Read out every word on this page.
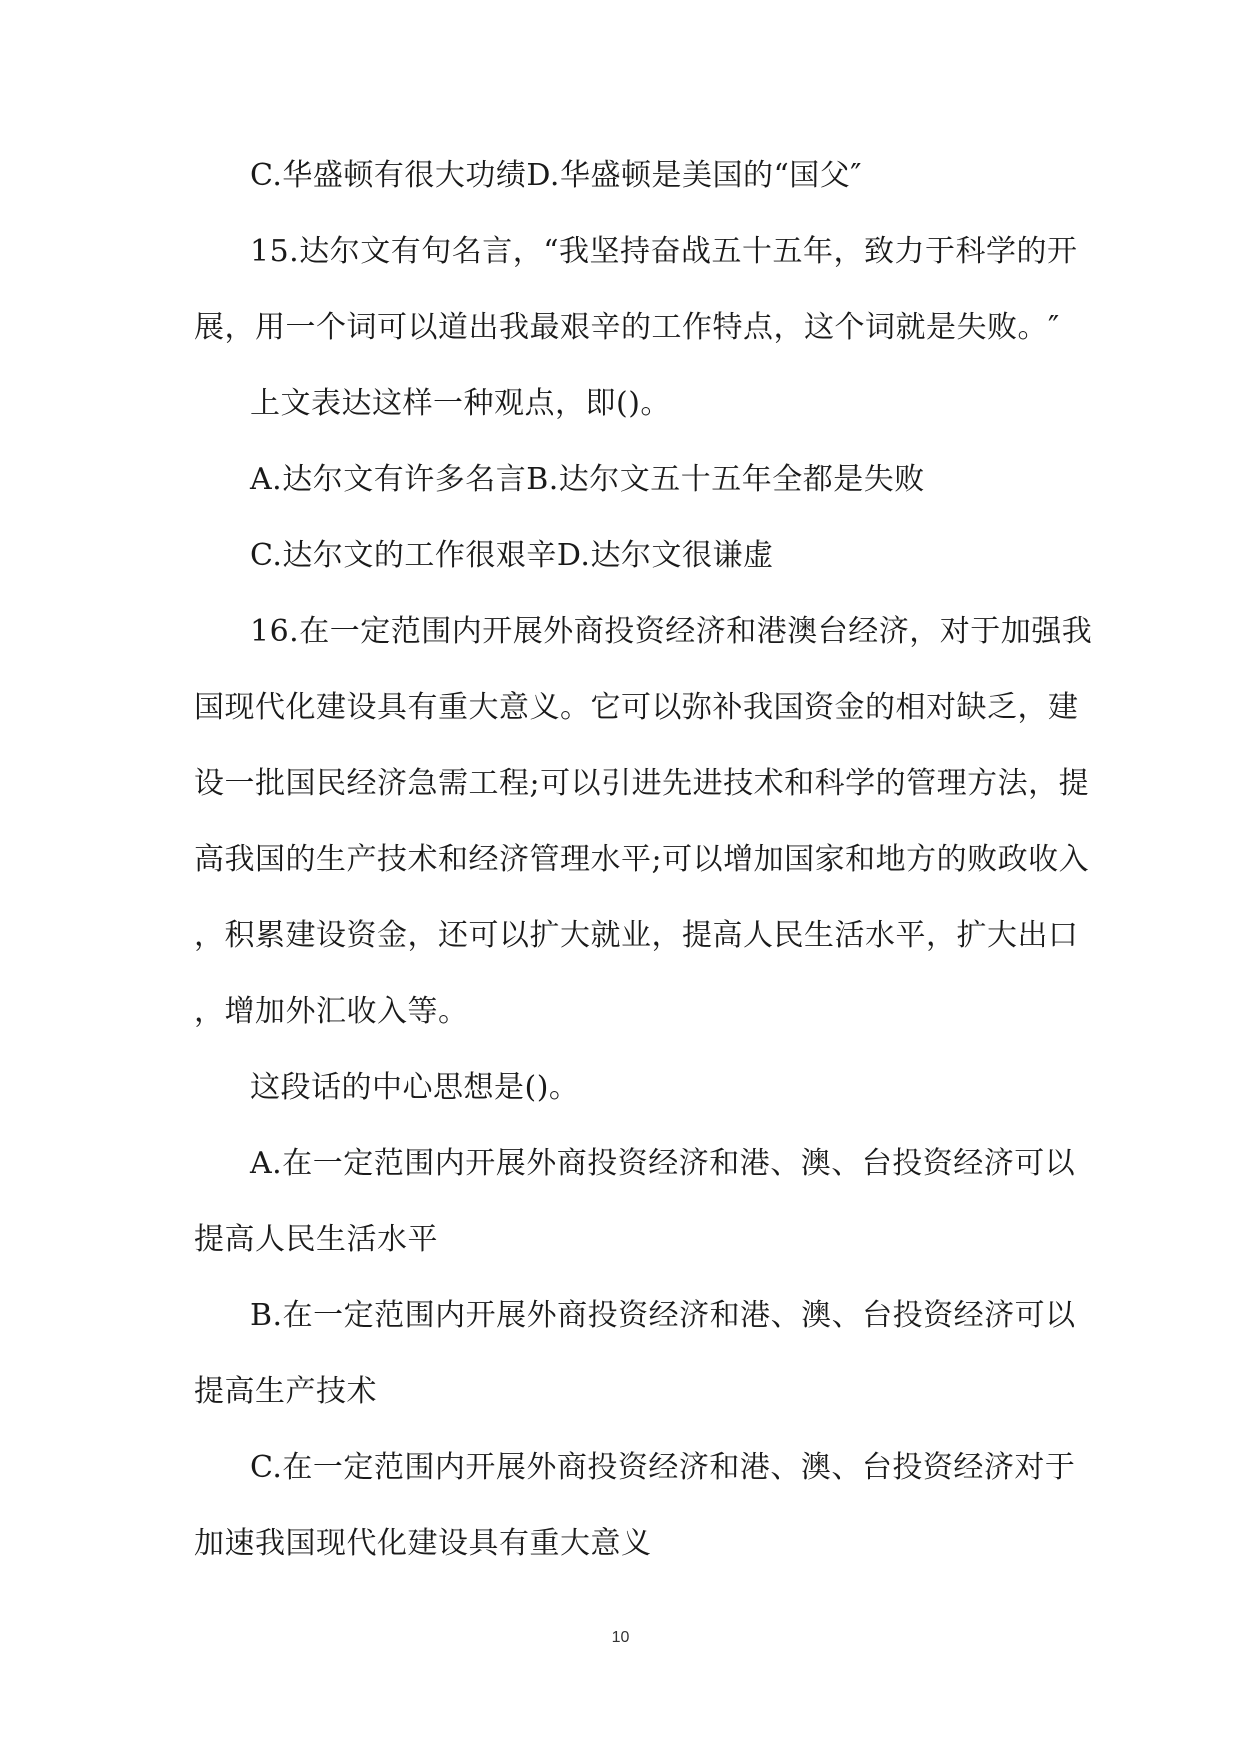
C.华盛顿有很大功绩D.华盛顿是美国的“国父″
15.达尔文有句名言，“我坚持奋战五十五年，致力于科学的开
展，用一个词可以道出我最艰辛的工作特点，这个词就是失败。″
上文表达这样一种观点，即()。
A.达尔文有许多名言B.达尔文五十五年全都是失败
C.达尔文的工作很艰辛D.达尔文很谦虚
16.在一定范围内开展外商投资经济和港澳台经济，对于加强我
国现代化建设具有重大意义。它可以弥补我国资金的相对缺乏，建
设一批国民经济急需工程;可以引进先进技术和科学的管理方法，提
高我国的生产技术和经济管理水平;可以增加国家和地方的败政收入
，积累建设资金，还可以扩大就业，提高人民生活水平，扩大出口
，增加外汇收入等。
这段话的中心思想是()。
A.在一定范围内开展外商投资经济和港、澳、台投资经济可以
提高人民生活水平
B.在一定范围内开展外商投资经济和港、澳、台投资经济可以
提高生产技术
C.在一定范围内开展外商投资经济和港、澳、台投资经济对于
加速我国现代化建设具有重大意义
10
